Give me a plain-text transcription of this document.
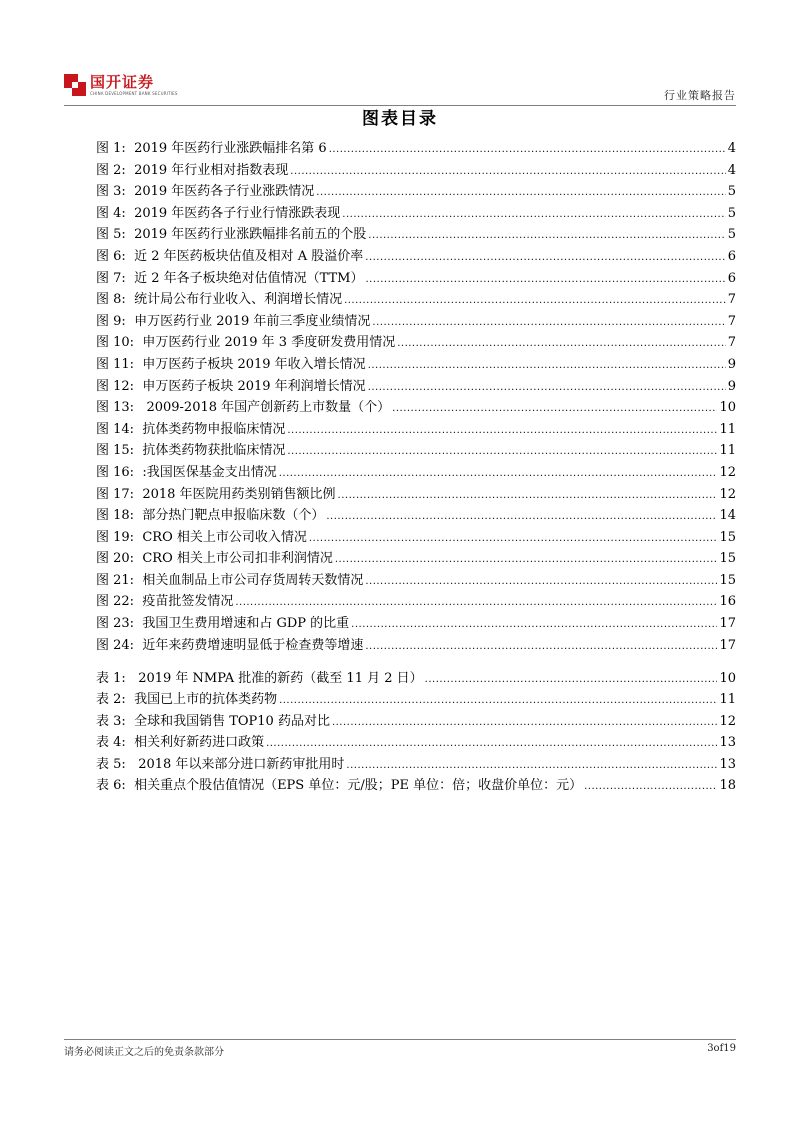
国开证券
CHINA DEVELOPMENT BANK SECURITIES	行业策略报告
图表目录
图 1: 2019 年医药行业涨跌幅排名第 6 .....	4
图 2: 2019 年行业相对指数表现 .....	4
图 3: 2019 年医药各子行业涨跌情况 .....	5
图 4: 2019 年医药各子行业行情涨跌表现 .....	5
图 5: 2019 年医药行业涨跌幅排名前五的个股 .....	5
图 6: 近 2 年医药板块估值及相对 A 股溢价率 .....	6
图 7: 近 2 年各子板块绝对估值情况（TTM） .....	6
图 8: 统计局公布行业收入、利润增长情况 .....	7
图 9: 申万医药行业 2019 年前三季度业绩情况 .....	7
图 10: 申万医药行业 2019 年 3 季度研发费用情况 .....	7
图 11: 申万医药子板块 2019 年收入增长情况 .....	9
图 12: 申万医药子板块 2019 年利润增长情况 .....	9
图 13:   2009-2018 年国产创新药上市数量（个） .....	10
图 14: 抗体类药物申报临床情况 .....	11
图 15: 抗体类药物获批临床情况 .....	11
图 16: :我国医保基金支出情况 .....	12
图 17: 2018 年医院用药类别销售额比例 .....	12
图 18: 部分热门靶点申报临床数（个） .....	14
图 19: CRO 相关上市公司收入情况 .....	15
图 20: CRO 相关上市公司扣非利润情况 .....	15
图 21: 相关血制品上市公司存货周转天数情况 .....	15
图 22: 疫苗批签发情况 .....	16
图 23: 我国卫生费用增速和占 GDP 的比重 .....	17
图 24: 近年来药费增速明显低于检查费等增速 .....	17
表 1:   2019 年 NMPA 批准的新药（截至 11 月 2 日） .....	10
表 2: 我国已上市的抗体类药物 .....	11
表 3: 全球和我国销售 TOP10 药品对比 .....	12
表 4: 相关利好新药进口政策 .....	13
表 5:   2018 年以来部分进口新药审批用时 .....	13
表 6: 相关重点个股估值情况（EPS 单位：元/股；PE 单位：倍；收盘价单位：元） .....	18
请务必阅读正文之后的免责条款部分	3of19
